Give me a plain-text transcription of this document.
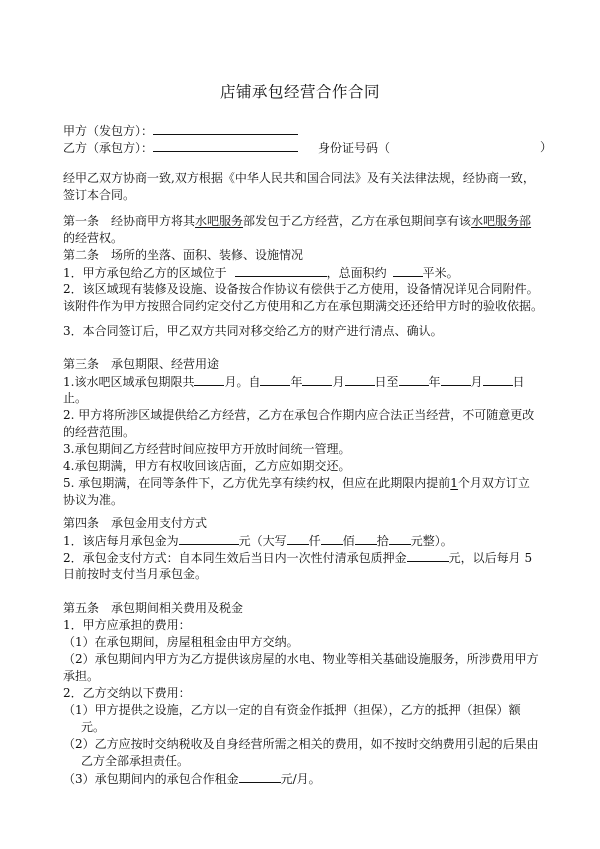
店铺承包经营合作合同
甲方（发包方）：
乙方（承包方）：	身份证号码（	）
经甲乙双方协商一致,双方根据《中华人民共和国合同法》及有关法律法规，经协商一致，
签订本合同。
第一条　经协商甲方将其水吧服务部发包于乙方经营，乙方在承包期间享有该水吧服务部
的经营权。
第二条　场所的坐落、面积、装修、设施情况
1．甲方承包给乙方的区域位于	，总面积约	平米。
2．该区域现有装修及设施、设备按合作协议有偿供于乙方使用，设备情况详见合同附件。
该附件作为甲方按照合同约定交付乙方使用和乙方在承包期满交还还给甲方时的验收依据。
3．本合同签订后，甲乙双方共同对移交给乙方的财产进行清点、确认。
第三条　承包期限、经营用途
1.该水吧区域承包期限共	月。自	年	月	日至	年	月	日
止。
2. 甲方将所涉区域提供给乙方经营，乙方在承包合作期内应合法正当经营，不可随意更改
的经营范围。
3.承包期间乙方经营时间应按甲方开放时间统一管理。
4.承包期满，甲方有权收回该店面，乙方应如期交还。
5. 承包期满，在同等条件下，乙方优先享有续约权，但应在此期限内提前1个月双方订立
协议为准。
第四条　承包金用支付方式
1．该店每月承包金为	元（大写 仟 佰 拾 元整）。
2．承包金支付方式：自本同生效后当日内一次性付清承包质押金	元，以后每月 5
日前按时支付当月承包金。
第五条　承包期间相关费用及税金
1．甲方应承担的费用：
（1）在承包期间，房屋租租金由甲方交纳。
（2）承包期间内甲方为乙方提供该房屋的水电、物业等相关基础设施服务，所涉费用甲方
承担。
2．乙方交纳以下费用：
（1）甲方提供之设施，乙方以一定的自有资金作抵押（担保），乙方的抵押（担保）额
元。
（2）乙方应按时交纳税收及自身经营所需之相关的费用，如不按时交纳费用引起的后果由
乙方全部承担责任。
（3）承包期间内的承包合作租金	元/月。
